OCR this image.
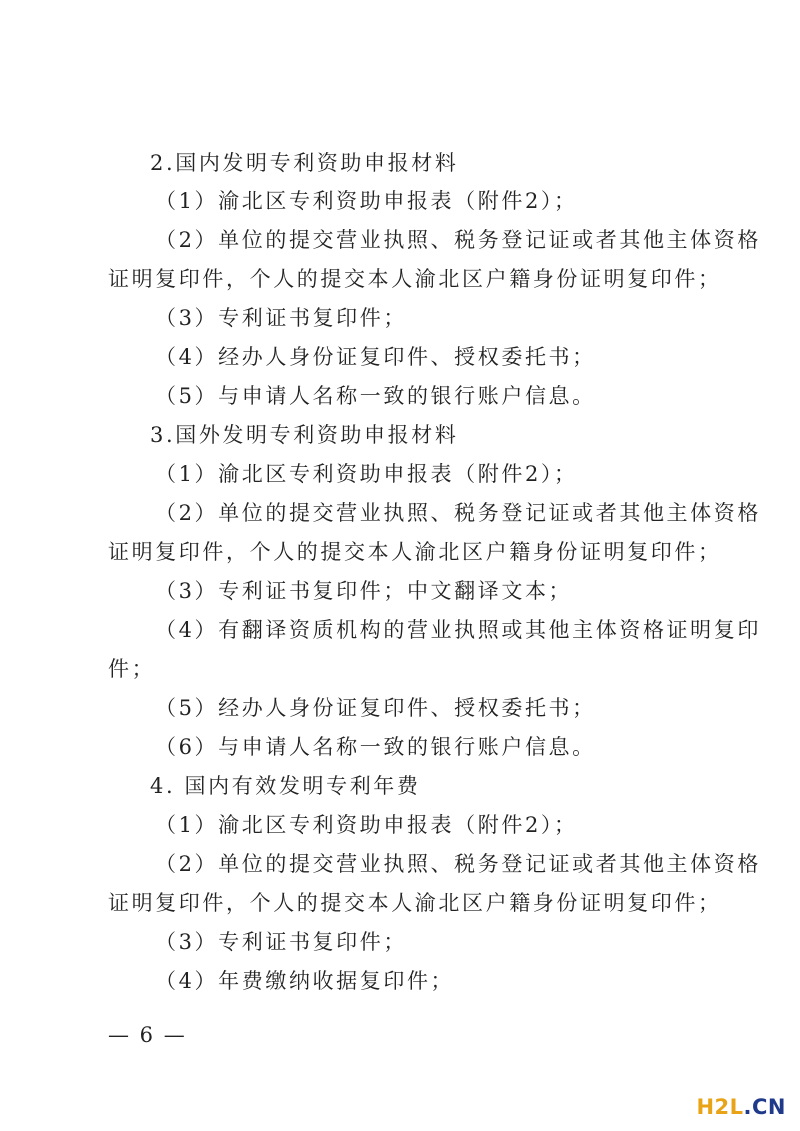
2.国内发明专利资助申报材料
（1）渝北区专利资助申报表（附件2）；
（2）单位的提交营业执照、税务登记证或者其他主体资格
证明复印件，个人的提交本人渝北区户籍身份证明复印件；
（3）专利证书复印件；
（4）经办人身份证复印件、授权委托书；
（5）与申请人名称一致的银行账户信息。
3.国外发明专利资助申报材料
（1）渝北区专利资助申报表（附件2）；
（2）单位的提交营业执照、税务登记证或者其他主体资格
证明复印件，个人的提交本人渝北区户籍身份证明复印件；
（3）专利证书复印件；中文翻译文本；
（4）有翻译资质机构的营业执照或其他主体资格证明复印
件；
（5）经办人身份证复印件、授权委托书；
（6）与申请人名称一致的银行账户信息。
4. 国内有效发明专利年费
（1）渝北区专利资助申报表（附件2）；
（2）单位的提交营业执照、税务登记证或者其他主体资格
证明复印件，个人的提交本人渝北区户籍身份证明复印件；
（3）专利证书复印件；
（4）年费缴纳收据复印件；
— 6 —
H2L.CN
